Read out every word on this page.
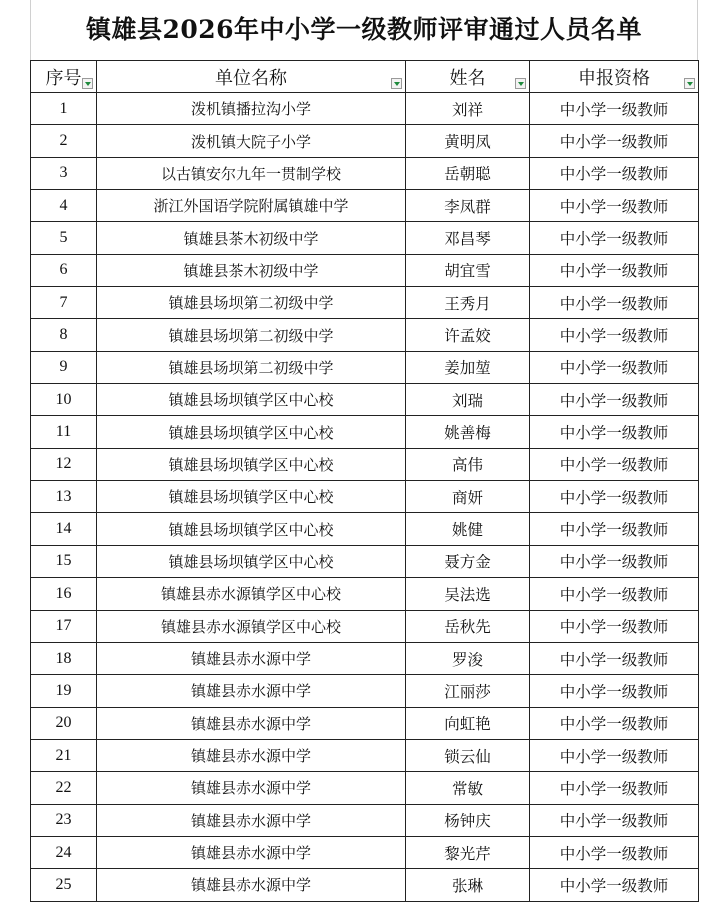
镇雄县2026年中小学一级教师评审通过人员名单
序号	单位名称	姓名	申报资格

1	泼机镇播拉沟小学	刘祥	中小学一级教师
2	泼机镇大院子小学	黄明凤	中小学一级教师
3	以古镇安尔九年一贯制学校	岳朝聪	中小学一级教师
4	浙江外国语学院附属镇雄中学	李凤群	中小学一级教师
5	镇雄县茶木初级中学	邓昌琴	中小学一级教师
6	镇雄县茶木初级中学	胡宜雪	中小学一级教师
7	镇雄县场坝第二初级中学	王秀月	中小学一级教师
8	镇雄县场坝第二初级中学	许孟姣	中小学一级教师
9	镇雄县场坝第二初级中学	姜加堃	中小学一级教师
10	镇雄县场坝镇学区中心校	刘瑞	中小学一级教师
11	镇雄县场坝镇学区中心校	姚善梅	中小学一级教师
12	镇雄县场坝镇学区中心校	高伟	中小学一级教师
13	镇雄县场坝镇学区中心校	商妍	中小学一级教师
14	镇雄县场坝镇学区中心校	姚健	中小学一级教师
15	镇雄县场坝镇学区中心校	聂方金	中小学一级教师
16	镇雄县赤水源镇学区中心校	吴法选	中小学一级教师
17	镇雄县赤水源镇学区中心校	岳秋先	中小学一级教师
18	镇雄县赤水源中学	罗浚	中小学一级教师
19	镇雄县赤水源中学	江丽莎	中小学一级教师
20	镇雄县赤水源中学	向虹艳	中小学一级教师
21	镇雄县赤水源中学	锁云仙	中小学一级教师
22	镇雄县赤水源中学	常敏	中小学一级教师
23	镇雄县赤水源中学	杨钟庆	中小学一级教师
24	镇雄县赤水源中学	黎光芹	中小学一级教师
25	镇雄县赤水源中学	张琳	中小学一级教师
